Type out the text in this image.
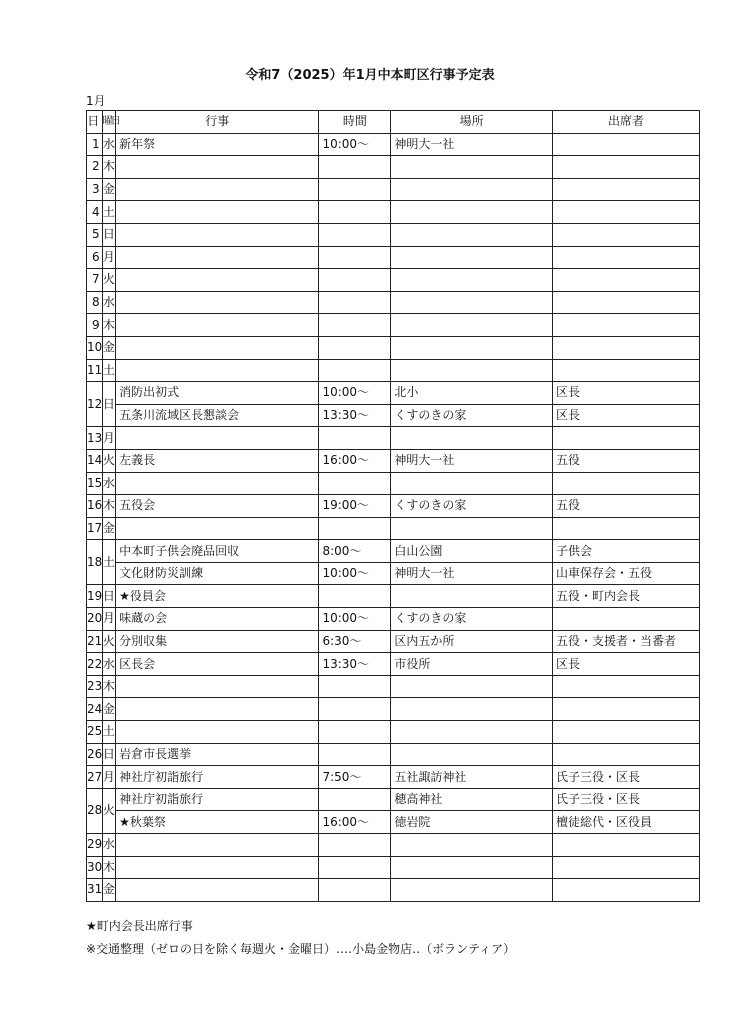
令和7（2025）年1月中本町区行事予定表
1月
日	曜日	行事	時間	場所	出席者
1	水	新年祭	10:00～	神明大一社	
2	木				
3	金				
4	土				
5	日				
6	月				
7	火				
8	水				
9	木				
10	金				
11	土				
12	日	消防出初式	10:00～	北小	区長
		五条川流域区長懇談会	13:30～	くすのきの家	区長
13	月				
14	火	左義長	16:00～	神明大一社	五役
15	水				
16	木	五役会	19:00～	くすのきの家	五役
17	金				
18	土	中本町子供会廃品回収	8:00～	白山公園	子供会
		文化財防災訓練	10:00～	神明大一社	山車保存会・五役
19	日	★役員会			五役・町内会長
20	月	味蔵の会	10:00～	くすのきの家	
21	火	分別収集	6:30～	区内五か所	五役・支援者・当番者
22	水	区長会	13:30～	市役所	区長
23	木				
24	金				
25	土				
26	日	岩倉市長選挙			
27	月	神社庁初詣旅行	7:50～	五社諏訪神社	氏子三役・区長
28	火	神社庁初詣旅行		穂高神社	氏子三役・区長
		★秋葉祭	16:00～	徳岩院	檀徒総代・区役員
29	水				
30	木				
31	金				
★町内会長出席行事
※交通整理（ゼロの日を除く毎週火・金曜日）‥‥小島金物店‥（ボランティア）
